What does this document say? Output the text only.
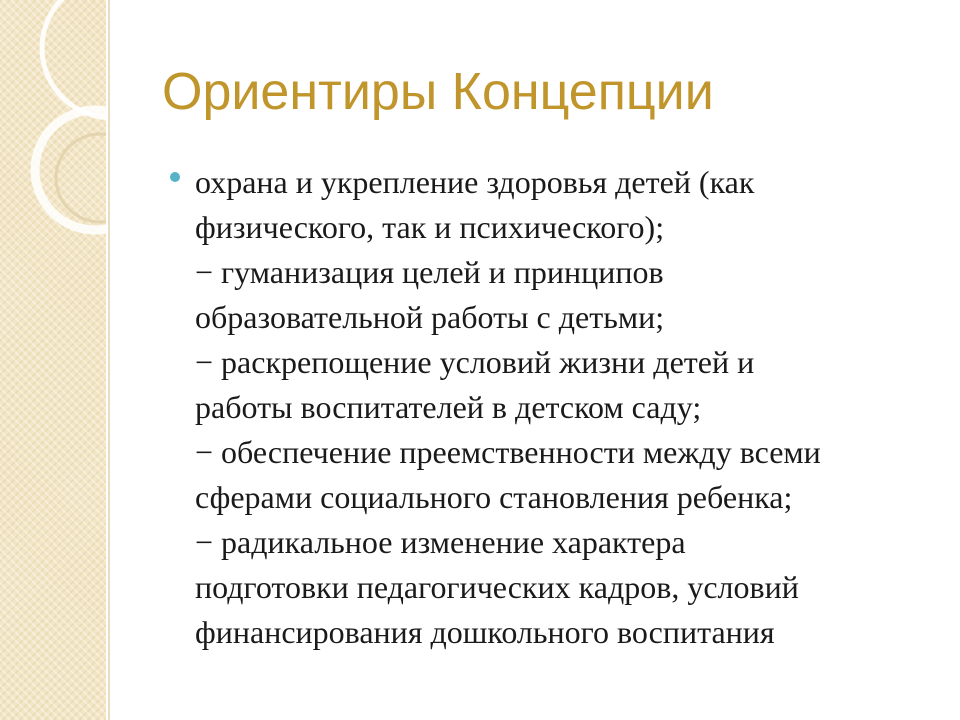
Ориентиры Концепции
охрана и укрепление здоровья детей (как
физического, так и психического);
− гуманизация целей и принципов
образовательной работы с детьми;
− раскрепощение условий жизни детей и
работы воспитателей в детском саду;
− обеспечение преемственности между всеми
сферами социального становления ребенка;
− радикальное изменение характера
подготовки педагогических кадров, условий
финансирования дошкольного воспитания
